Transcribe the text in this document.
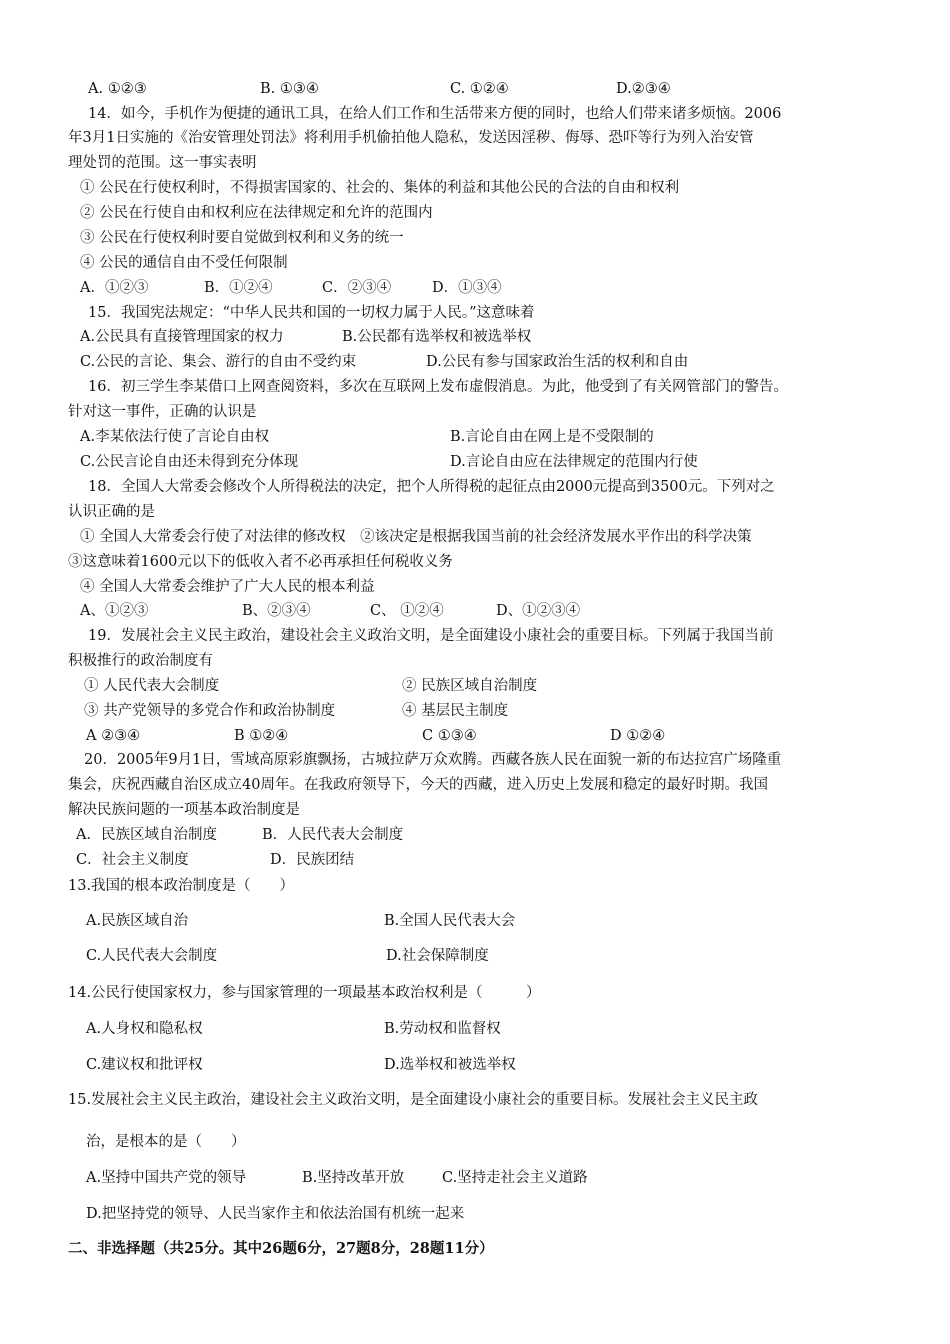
A. ①②③	B. ①③④	C. ①②④	D.②③④
14．如今，手机作为便捷的通讯工具，在给人们工作和生活带来方便的同时，也给人们带来诸多烦恼。2006
年3月1日实施的《治安管理处罚法》将利用手机偷拍他人隐私，发送因淫秽、侮辱、恐吓等行为列入治安管
理处罚的范围。这一事实表明
① 公民在行使权利时，不得损害国家的、社会的、集体的利益和其他公民的合法的自由和权利
② 公民在行使自由和权利应在法律规定和允许的范围内
③ 公民在行使权利时要自觉做到权利和义务的统一
④ 公民的通信自由不受任何限制
A．①②③	B．①②④	C．②③④	D．①③④
15．我国宪法规定：“中华人民共和国的一切权力属于人民。”这意味着
A.公民具有直接管理国家的权力	B.公民都有选举权和被选举权
C.公民的言论、集会、游行的自由不受约束	D.公民有参与国家政治生活的权利和自由
16．初三学生李某借口上网查阅资料，多次在互联网上发布虚假消息。为此，他受到了有关网管部门的警告。
针对这一事件，正确的认识是
A.李某依法行使了言论自由权	B.言论自由在网上是不受限制的
C.公民言论自由还未得到充分体现	D.言论自由应在法律规定的范围内行使
18．全国人大常委会修改个人所得税法的决定，把个人所得税的起征点由2000元提高到3500元。下列对之
认识正确的是
① 全国人大常委会行使了对法律的修改权　②该决定是根据我国当前的社会经济发展水平作出的科学决策
③这意味着1600元以下的低收入者不必再承担任何税收义务
④ 全国人大常委会维护了广大人民的根本利益
A、①②③	B、②③④	C、 ①②④	D、①②③④
19．发展社会主义民主政治，建设社会主义政治文明，是全面建设小康社会的重要目标。下列属于我国当前
积极推行的政治制度有
① 人民代表大会制度	② 民族区域自治制度
③ 共产党领导的多党合作和政治协制度	④ 基层民主制度
A ②③④	B ①②④	C ①③④	D ①②④
20．2005年9月1日，雪域高原彩旗飘扬，古城拉萨万众欢腾。西藏各族人民在面貌一新的布达拉宫广场隆重
集会，庆祝西藏自治区成立40周年。在我政府领导下，今天的西藏，进入历史上发展和稳定的最好时期。我国
解决民族问题的一项基本政治制度是
A．民族区域自治制度	B．人民代表大会制度
C．社会主义制度	D．民族团结
13.我国的根本政治制度是（　　）
A.民族区域自治	B.全国人民代表大会
C.人民代表大会制度	D.社会保障制度
14.公民行使国家权力，参与国家管理的一项最基本政治权利是（　　　）
A.人身权和隐私权	B.劳动权和监督权
C.建议权和批评权	D.选举权和被选举权
15.发展社会主义民主政治，建设社会主义政治文明，是全面建设小康社会的重要目标。发展社会主义民主政
治，是根本的是（　　）
A.坚持中国共产党的领导	B.坚持改革开放	C.坚持走社会主义道路
D.把坚持党的领导、人民当家作主和依法治国有机统一起来
二、非选择题（共25分。其中26题6分，27题8分，28题11分）
